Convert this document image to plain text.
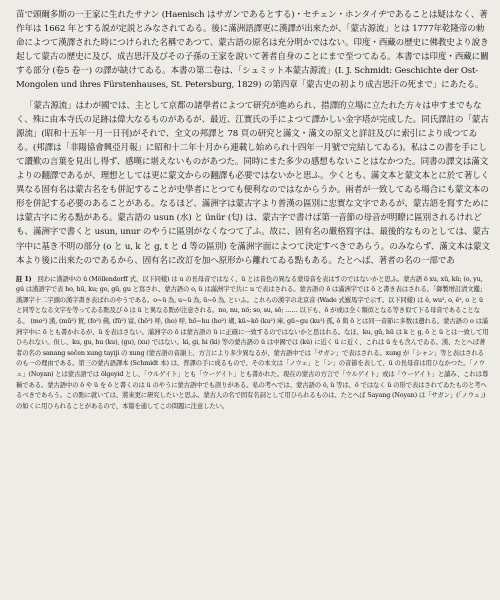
苗で頭爾多斯の一王家に生れたサナン (Haenisch はサガンであるとする)・セチェン・ホンタイヂであることは疑はなく、著作年は 1662 年とする説が定説とみなされてゐる。後に滿洲語譯更に漢譯が出來たが、「蒙古源流」とは 1777年乾隆帝の勅命によつて漢譯された時につけられた名稱であつて、蒙古語の原名は充分明かではない。印度・西藏の歷史に佛教史より說き起して蒙古の歷史に及び、成吉思汗及びその子孫の王家を說いて著者自身のことにまで至つてゐる。本書では印度・西藏に關する部分 (卷5 卷一) の譯が缺けてゐる。本書の第二卷は、「シュミット本蒙古源流」(I. J. Schmidt: Geschichte der Ost-Mongolen und ihres Fürstenhauses, St. Petersburg, 1829) の第四章「蒙古史の初より成吉思汗の死まで」にあたる。

「蒙古源流」はわが國では、主として京都の諸學者によつて研究が進められ、措譯的立場に立たれた方々は申すまでもなく、殊に由本寺氏の足跡は偉大なるものがあるが、最近、江實氏の手によつて譯かしい金字塔が完成した。同氏譯註の「蒙古源流」(昭和十五年一月一日刊)がそれで、全文の邦譯と 78 頁の研究と滿文・滿文の原文と詳註及びに索引により成つてゐる。(邦譯は「非陽協會興亞月報」に昭和十二年十月から連載し始められ十四年一月號で完結してゐる)。私はこの書を手にして讚歎の言葉を見出し得ず、感嘆に堪えないものがあつた。同時にまた多少の感想もないことはなかつた。同書の譯文は滿文よりの翻譯であるが、理想としては更に蒙文からの翻譯も必要ではないかと思ふ。少くとも、滿文本と蒙文本とに於て著しく異なる固有名は蒙古名をも併記することが史學者にとつても便利なのではなからうか。兩者が一致してゐる場合にも蒙文本の形を併記する必要のあることがある。なるほど、滿洲字は蒙古字より普漢の區別に忠實な文字であるが、蒙古語を寫すためには蒙古字に劣る點がある。蒙古語の usun (水) と ünür (匂) は、蒙古字で書けば第一音節の母音が明瞭に區別されるけれども、滿洲字で書くと usun, unur のやうに區別がなくなつて了ふ。故に、固有名の嚴格寫字は、最後的なものとしては、蒙古字中に基き不明の部分 (o と u, k と g, t と d 等の區別) を滿洲字面によつて決定すべきであらう。のみならず、滿文本は蒙文本より後に出來たのであるから、固有名に改訂を加へ原形から離れてゐる點もある。たとへば、著者の名の一部であ

註 1) 回わに漢語中の ü (Möllendorff 式、以下同樣) は u の長母音ではなく、ü とは音色の異なる蒙母音を表はすのではないかと思ふ。蒙古語 ö xu, xü, kü; (o, yu, gü は漢語字で表 ho, hū, ku; go, gū, gu と寫され、蒙古語の o, ü は滿洲字で共に u で表はされる。蒙古語の ō は滿洲字では ō と書き表はされる。「御製增訂清文鑑」漢譯字十二字頭の漢字書き表ばれのやうである。o~ü 為, u~ü 為, ū~ō 為, といふ。これらの漢字の北京音 (Wade 式羅馬字で示す。以下同樣) は ê, wu², o, ê², o と ü と同等となる文字を等ってゐる點及び ö は ü と異なる點が注意される。no, nu, nö; so, su, sō; …… 以下も、ō が或は全く類似となる等き似て下る母音であることなる。 (mo²) 漢, (mū²) 賀, (fo²) 佛, (fū²) 富, (hō²) 呼, (ho) 呼, hō~hu (ho²) 瑚, kū~kō (ku²) 庫, gū~gu (ku¹) 孤, ō 與 ō とは同一音節に多数は遺れる。蒙古語の o は滿洲字中に ō とも書かれるが、ü を表はさない。滿洲字の ō は蒙古語の ü に正確に一致するのではないかと思はれる。なほ、ku, gū, hū は k と g, ō と ü とは一致して用ひられない。但し、ku, gu, hu (ku), (gu), (xu) ではない。ki, gi, hi (ki) 等の蒙古語の ü は中國では (kû) に近く ü に近く、これは ü をも含んでゐる。漢、たとへば著者の名の sanang sečen xung tayiji の xung (蒙古語の音韻上、方言により多少異なるが、蒙古語中では「サガン」で表はされる。xung が「シャン」等と表はされるのも一の理由である。第三の蒙古語譯本 (Schmidt 本) は、普譯の手に成るもので、その本文は「ノウェ」と「ン」の音節を表して、ü の長母音は用ひなかつた。「ノウェ」(Noyan) とは蒙古語では ölgeyid とし、「ウルゲイト」とも「ウーゲイト」とも書かれた。現在の蒙古の方言で「ウルゲイト」或は「ウーゲイト」と讀み、これは尊稱である。蒙古語中の ö や ü を ö と書くのは ü のやうに蒙古語中でも誤りがある。私の考へでは、蒙古語の ö, ü 等は、ö ではなく ü の形で表はされてゐたものと考へるべきであらう。この點に就いては、將來更に研究したいと思ふ。蒙古人の名で固有名詞として用ひられるものは、たとへば Sayang (Noyan) は「サガン」(「ノウェ」) の如くに用ひられることがあるので、本篇を通してこの問題に注意したい。
